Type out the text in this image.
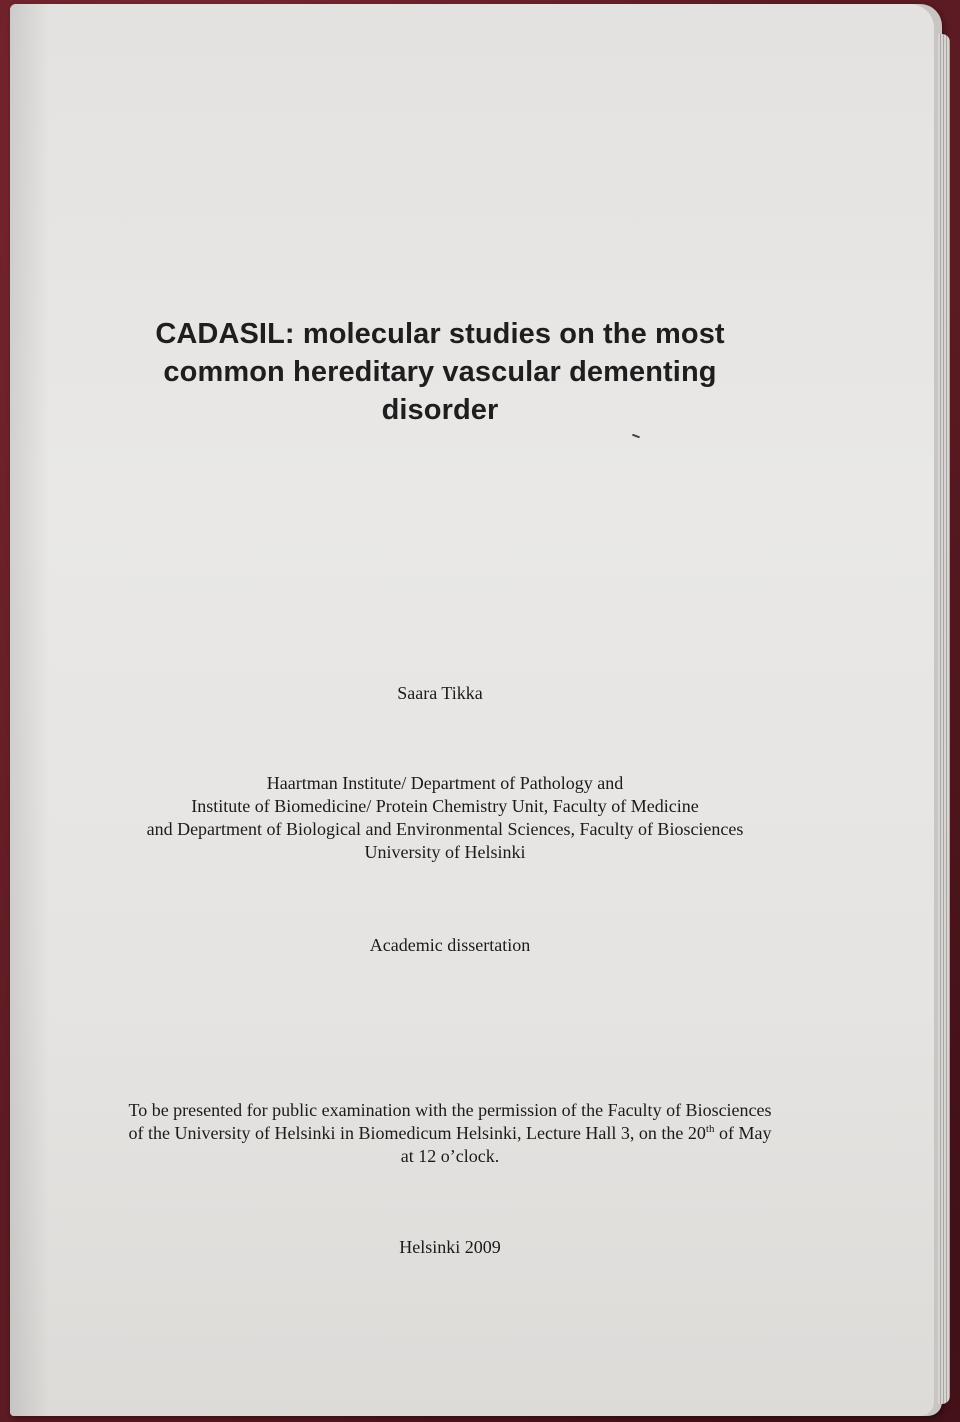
CADASIL: molecular studies on the most
common hereditary vascular dementing
disorder
Saara Tikka
Haartman Institute/ Department of Pathology and
Institute of Biomedicine/ Protein Chemistry Unit, Faculty of Medicine
and Department of Biological and Environmental Sciences, Faculty of Biosciences
University of Helsinki
Academic dissertation
To be presented for public examination with the permission of the Faculty of Biosciences
of the University of Helsinki in Biomedicum Helsinki, Lecture Hall 3, on the 20th of May
at 12 o’clock.
Helsinki 2009
